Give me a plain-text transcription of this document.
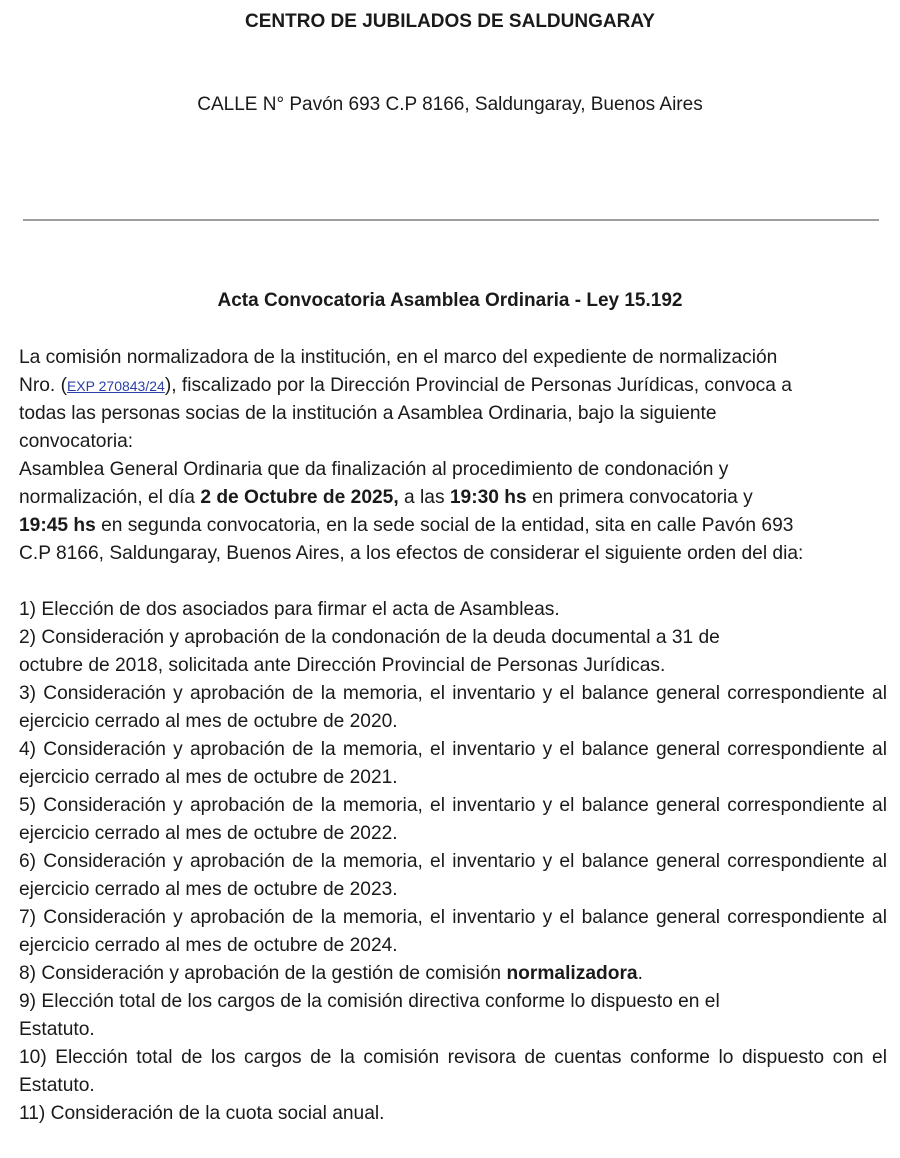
CENTRO DE JUBILADOS DE SALDUNGARAY
CALLE N° Pavón 693 C.P 8166, Saldungaray, Buenos Aires
Acta Convocatoria Asamblea Ordinaria - Ley 15.192

La comisión normalizadora de la institución, en el marco del expediente de normalización
Nro. (EXP 270843/24), fiscalizado por la Dirección Provincial de Personas Jurídicas, convoca a
todas las personas socias de la institución a Asamblea Ordinaria, bajo la siguiente
convocatoria:

Asamblea General Ordinaria que da finalización al procedimiento de condonación y
normalización, el día 2 de Octubre de 2025, a las 19:30 hs en primera convocatoria y
19:45 hs en segunda convocatoria, en la sede social de la entidad, sita en calle Pavón 693
C.P 8166, Saldungaray, Buenos Aires, a los efectos de considerar el siguiente orden del dia:

1) Elección de dos asociados para firmar el acta de Asambleas.

2) Consideración y aprobación de la condonación de la deuda documental a 31 de
octubre de 2018, solicitada ante Dirección Provincial de Personas Jurídicas.

3) Consideración y aprobación de la memoria, el inventario y el balance general correspondiente al ejercicio cerrado al mes de octubre de 2020.

4) Consideración y aprobación de la memoria, el inventario y el balance general correspondiente al ejercicio cerrado al mes de octubre de 2021.

5) Consideración y aprobación de la memoria, el inventario y el balance general correspondiente al ejercicio cerrado al mes de octubre de 2022.

6) Consideración y aprobación de la memoria, el inventario y el balance general correspondiente al ejercicio cerrado al mes de octubre de 2023.

7) Consideración y aprobación de la memoria, el inventario y el balance general correspondiente al ejercicio cerrado al mes de octubre de 2024.

8) Consideración y aprobación de la gestión de comisión normalizadora.

9) Elección total de los cargos de la comisión directiva conforme lo dispuesto en el
Estatuto.

10) Elección total de los cargos de la comisión revisora de cuentas conforme lo dispuesto con el Estatuto.

11) Consideración de la cuota social anual.
